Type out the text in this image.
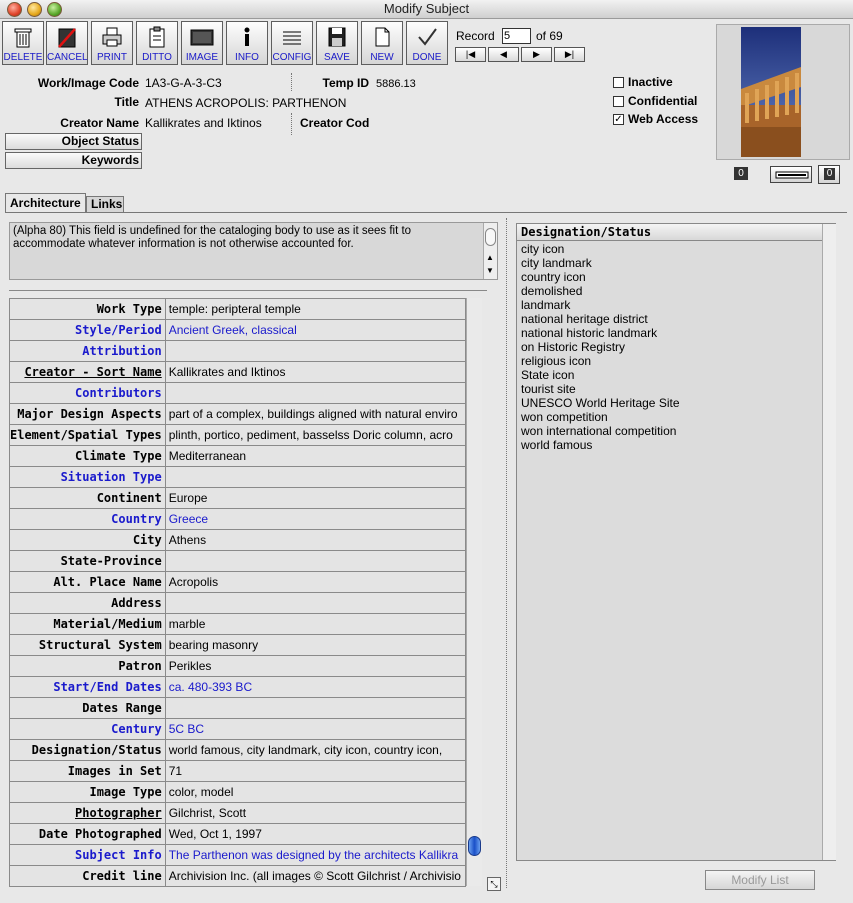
Modify Subject
DELETE CANCEL PRINT	DITTO	IMAGE	INFO	CONFIG	SAVE	NEW	DONE
Record
5	of 69
|◀	◀	▶	▶|
Work/Image Code 1A3-G-A-3-C3	Temp ID 5886.13
Title ATHENS ACROPOLIS: PARTHENON
Creator Name Kallikrates and Iktinos	Creator Cod
Object Status
Keywords
Inactive
Confidential
✓ Web Access
0	0
Architecture Links
(Alpha 80) This field is undefined for the cataloging body to use as it sees fit to accommodate whatever information is not otherwise accounted for.
▲
▼
Work Type	temple: peripteral temple
Style/Period	Ancient Greek, classical
Attribution	
Creator - Sort Name	Kallikrates and Iktinos
Contributors	
Major Design Aspects	part of a complex, buildings aligned with natural enviro
Element/Spatial Types	plinth, portico, pediment, basselss Doric column, acro
Climate Type	Mediterranean
Situation Type	
Continent	Europe
Country	Greece
City	Athens
State-Province	
Alt. Place Name	Acropolis
Address	
Material/Medium	marble
Structural System	bearing masonry
Patron	Perikles
Start/End Dates	ca. 480-393 BC
Dates Range	
Century	5C BC
Designation/Status	world famous, city landmark, city icon, country icon,
Images in Set	71
Image Type	color, model
Photographer	Gilchrist, Scott
Date Photographed	Wed, Oct 1, 1997
Subject Info	The Parthenon was designed by the architects Kallikra
Credit line	Archivision Inc. (all images © Scott Gilchrist / Archivisio
⤡
Designation/Status
city icon
city landmark
country icon
demolished
landmark
national heritage district
national historic landmark
on Historic Registry
religious icon
State icon
tourist site
UNESCO World Heritage Site
won competition
won international competition
world famous
Modify List
